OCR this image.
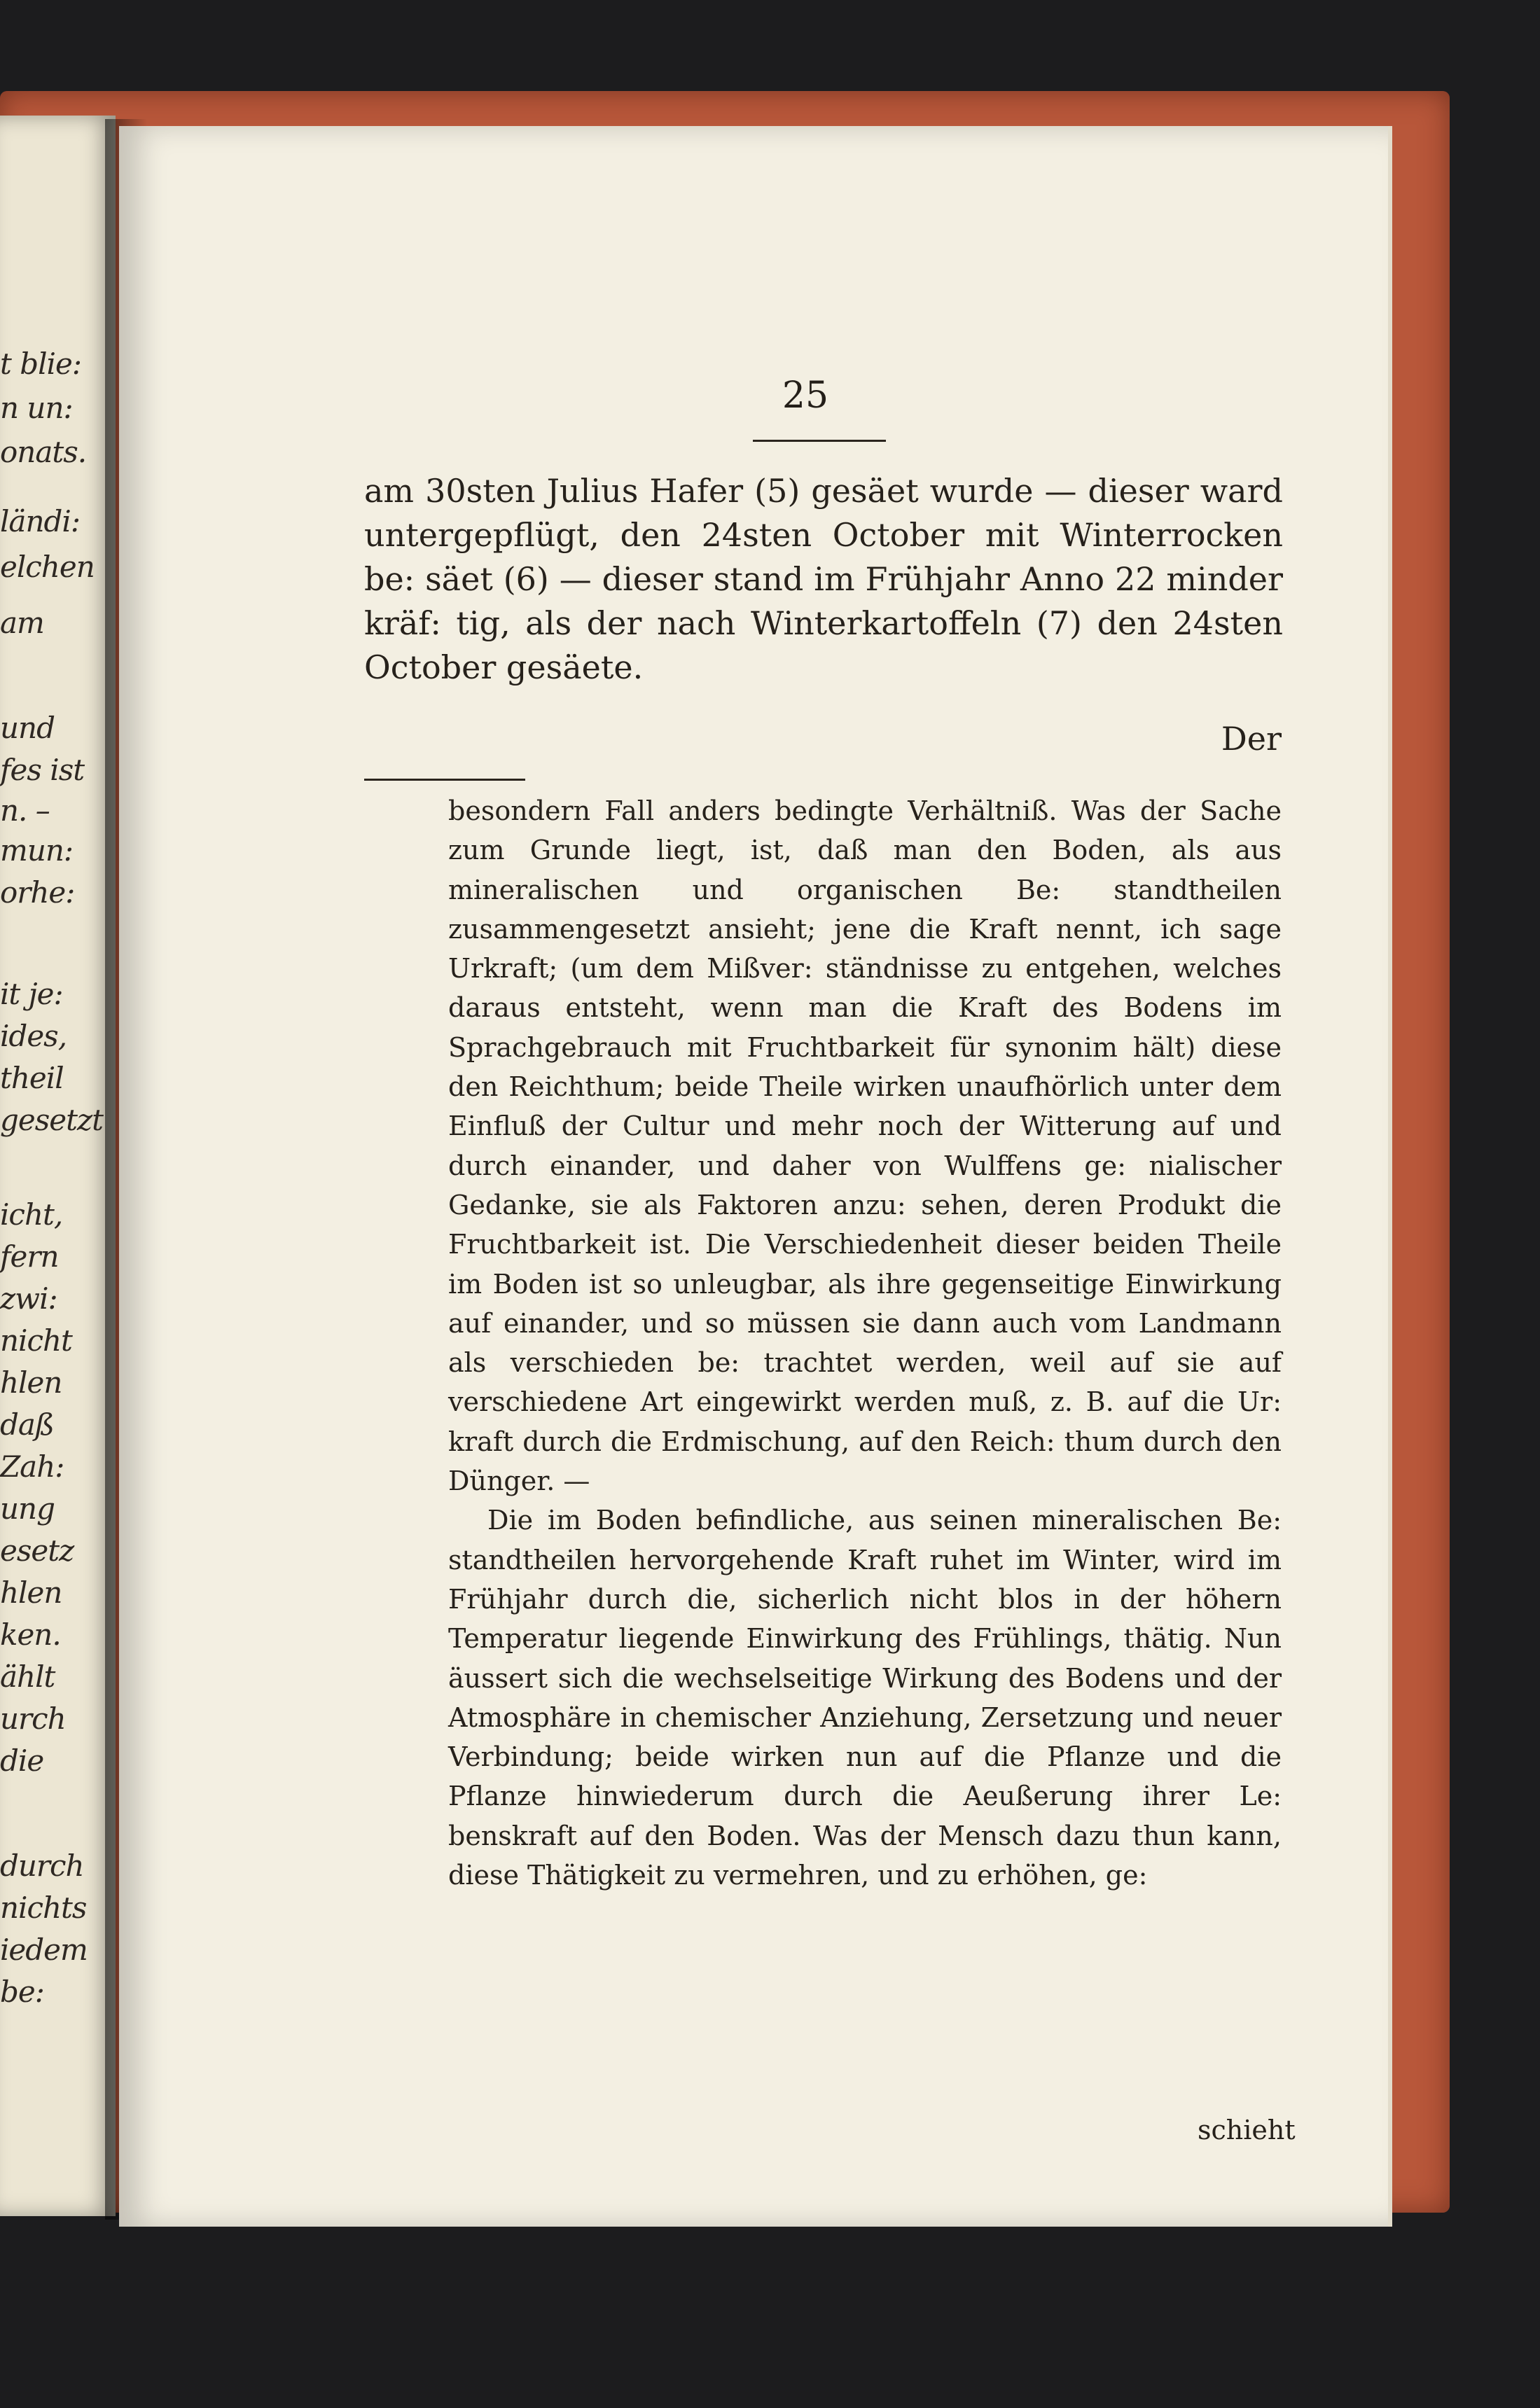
t blie:

n un:

onats.

ländi:

elchen

am

und

fes ist

n. –

mun:

orhe:

it je:

ides,

theil

gesetzt

icht,

fern

zwi:

nicht

hlen

daß

Zah:

ung

esetz

hlen

ken.

ählt

urch

die

durch

nichts

iedem

be:

25

am 30sten Julius Hafer (5) gesäet wurde — dieser ward untergepflügt, den 24sten October mit Winterrocken be: säet (6) — dieser stand im Frühjahr Anno 22 minder kräf: tig, als der nach Winterkartoffeln (7) den 24sten October gesäete.

Der

besondern Fall anders bedingte Verhältniß. Was der Sache zum Grunde liegt, ist, daß man den Boden, als aus mineralischen und organischen Be: standtheilen zusammengesetzt ansieht; jene die Kraft nennt, ich sage Urkraft; (um dem Mißver: ständnisse zu entgehen, welches daraus entsteht, wenn man die Kraft des Bodens im Sprachgebrauch mit Fruchtbarkeit für synonim hält) diese den Reichthum; beide Theile wirken unaufhörlich unter dem Einfluß der Cultur und mehr noch der Witterung auf und durch einander, und daher von Wulffens ge: nialischer Gedanke, sie als Faktoren anzu: sehen, deren Produkt die Fruchtbarkeit ist. Die Verschiedenheit dieser beiden Theile im Boden ist so unleugbar, als ihre gegenseitige Einwirkung auf einander, und so müssen sie dann auch vom Landmann als verschieden be: trachtet werden, weil auf sie auf verschiedene Art eingewirkt werden muß, z. B. auf die Ur: kraft durch die Erdmischung, auf den Reich: thum durch den Dünger. —

Die im Boden befindliche, aus seinen mineralischen Be: standtheilen hervorgehende Kraft ruhet im Winter, wird im Frühjahr durch die, sicherlich nicht blos in der höhern Temperatur liegende Einwirkung des Frühlings, thätig. Nun äussert sich die wechselseitige Wirkung des Bodens und der Atmosphäre in chemischer Anziehung, Zersetzung und neuer Verbindung; beide wirken nun auf die Pflanze und die Pflanze hinwiederum durch die Aeußerung ihrer Le: benskraft auf den Boden. Was der Mensch dazu thun kann, diese Thätigkeit zu vermehren, und zu erhöhen, ge:

schieht
